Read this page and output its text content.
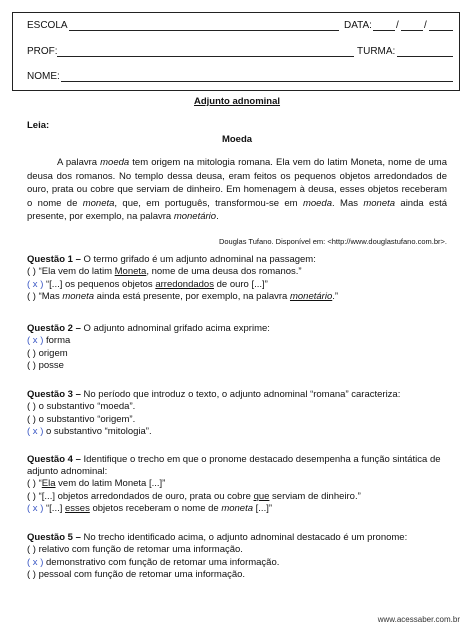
ESCOLA	DATA: /	/
PROF:	TURMA:
NOME:
Adjunto adnominal
Leia:
Moeda

A palavra moeda tem origem na mitologia romana. Ela vem do latim Moneta, nome de uma deusa dos romanos. No templo dessa deusa, eram feitos os pequenos objetos arredondados de ouro, prata ou cobre que serviam de dinheiro. Em homenagem à deusa, esses objetos receberam o nome de moneta, que, em português, transformou-se em moeda. Mas moneta ainda está presente, por exemplo, na palavra monetário.

Douglas Tufano. Disponível em: <http://www.douglastufano.com.br>.
Questão 1 – O termo grifado é um adjunto adnominal na passagem:
( ) “Ela vem do latim Moneta, nome de uma deusa dos romanos.”
( x ) “[...] os pequenos objetos arredondados de ouro [...]”
( ) “Mas moneta ainda está presente, por exemplo, na palavra monetário.”
Questão 2 – O adjunto adnominal grifado acima exprime:
( x ) forma
( ) origem
( ) posse
Questão 3 – No período que introduz o texto, o adjunto adnominal “romana” caracteriza:
( ) o substantivo “moeda”.
( ) o substantivo “origem”.
( x ) o substantivo “mitologia”.
Questão 4 – Identifique o trecho em que o pronome destacado desempenha a função sintática de adjunto adnominal:
( ) “Ela vem do latim Moneta [...]”
( ) “[...] objetos arredondados de ouro, prata ou cobre que serviam de dinheiro.”
( x ) “[...] esses objetos receberam o nome de moneta [...]”
Questão 5 – No trecho identificado acima, o adjunto adnominal destacado é um pronome:
( ) relativo com função de retomar uma informação.
( x ) demonstrativo com função de retomar uma informação.
( ) pessoal com função de retomar uma informação.
www.acessaber.com.br
